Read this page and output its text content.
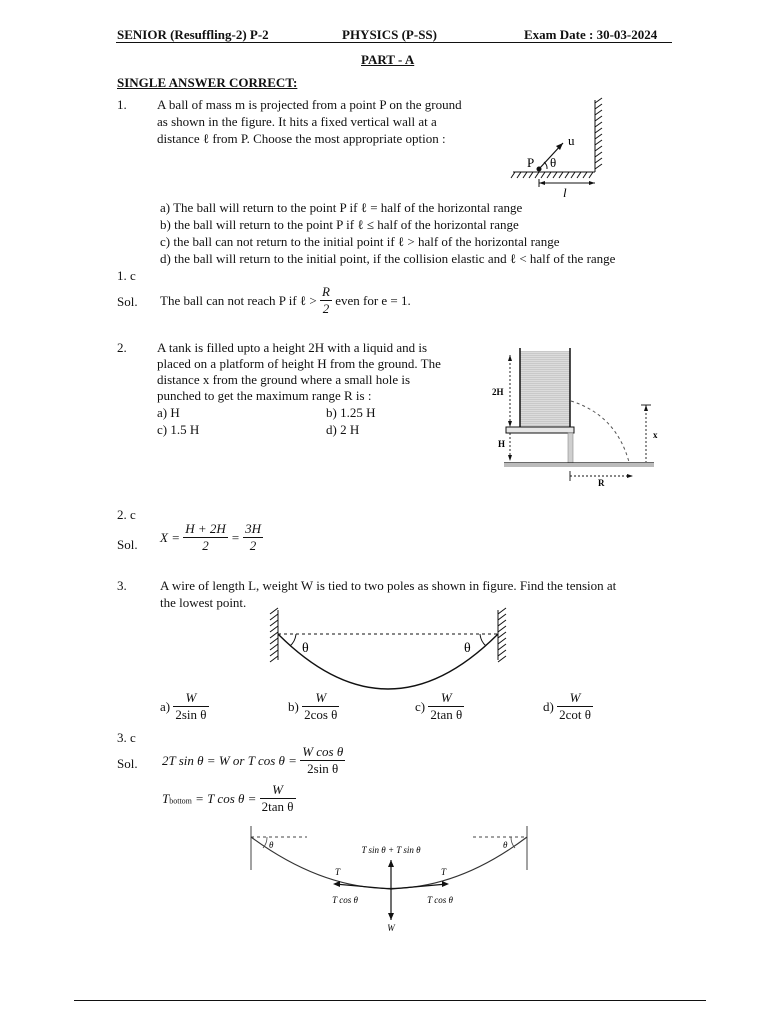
SENIOR (Resuffling-2) P-2	PHYSICS (P-SS)	Exam Date : 30-03-2024
PART - A
SINGLE ANSWER CORRECT:
1. A ball of mass m is projected from a point P on the ground
as shown in the figure. It hits a fixed vertical wall at a
distance ℓ from P. Choose the most appropriate option :	u
P θ
l
a) The ball will return to the point P if ℓ = half of the horizontal range
b) the ball will return to the point P if ℓ ≤ half of the horizontal range
c) the ball can not return to the initial point if ℓ > half of the horizontal range
d) the ball will return to the initial point, if the collision elastic and ℓ < half of the range
1. c
Sol. The ball can not reach P if ℓ > $\frac{R}{2}$ even for e = 1.
2. A tank is filled upto a height 2H with a liquid and is
placed on a platform of height H from the ground. The
distance x from the ground where a small hole is
punched to get the maximum range R is :
a) H	b) 1.25 H
c) 1.5 H	d) 2 H
2H
H
x
R
2. c
Sol. $X = \frac{H + 2H}{2} = \frac{3H}{2}$
3.	A wire of length L, weight W is tied to two poles as shown in figure. Find the tension at
the lowest point.
θ	θ
$a) \frac{W}{\text{2sin θ}}$	$b) \frac{W}{\text{2cos θ}}$	$c) \frac{W}{\text{2tan θ}}$	$d) \frac{W}{\text{2cot θ}}$
3. c
Sol. 2T sin θ = W or T $\cos \theta = \frac{\text{W cos θ}}{\text{2sin θ}}$
$T_{bottom} = T$ $\cos \theta = \frac{W}{\text{2tan θ}}$
θ	θ
T sin θ + T sin θ
W
T	T
T cos θ	T cos θ
